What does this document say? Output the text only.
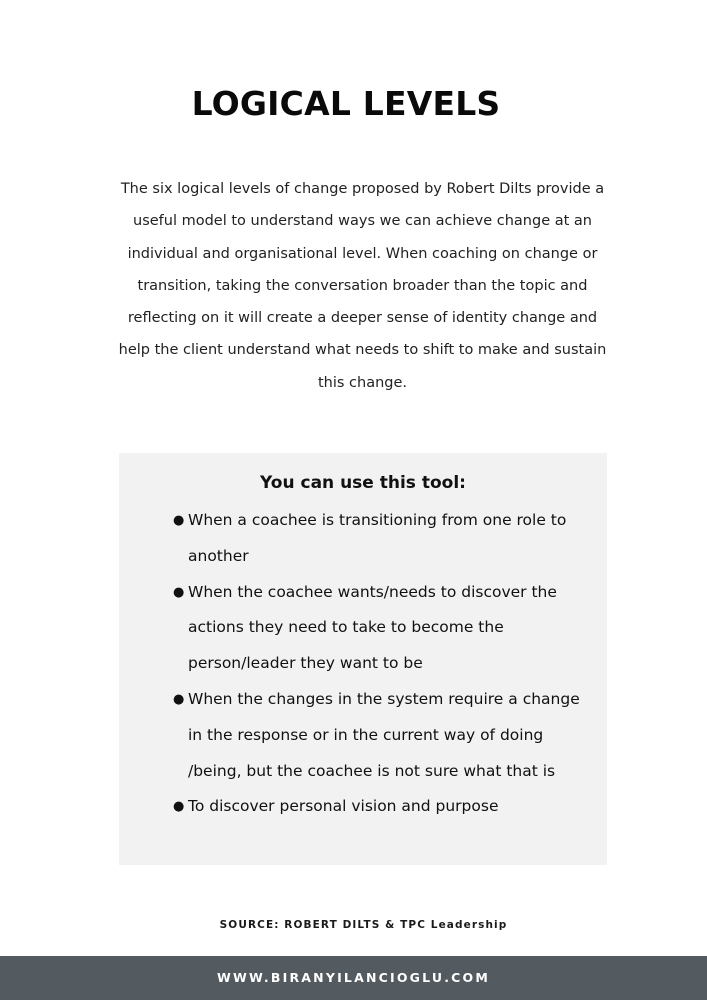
LOGICAL LEVELS

The six logical levels of change proposed by Robert Dilts provide a useful model to understand ways we can achieve change at an individual and organisational level. When coaching on change or transition, taking the conversation broader than the topic and reflecting on it will create a deeper sense of identity change and help the client understand what needs to shift to make and sustain this change.

You can use this tool:

● When a coachee is transitioning from one role to another
● When the coachee wants/needs to discover the actions they need to take to become the person/leader they want to be
● When the changes in the system require a change in the response or in the current way of doing /being, but the coachee is not sure what that is
● To discover personal vision and purpose

SOURCE: ROBERT DILTS & TPC Leadership

WWW.BIRANYILANCIOGLU.COM
